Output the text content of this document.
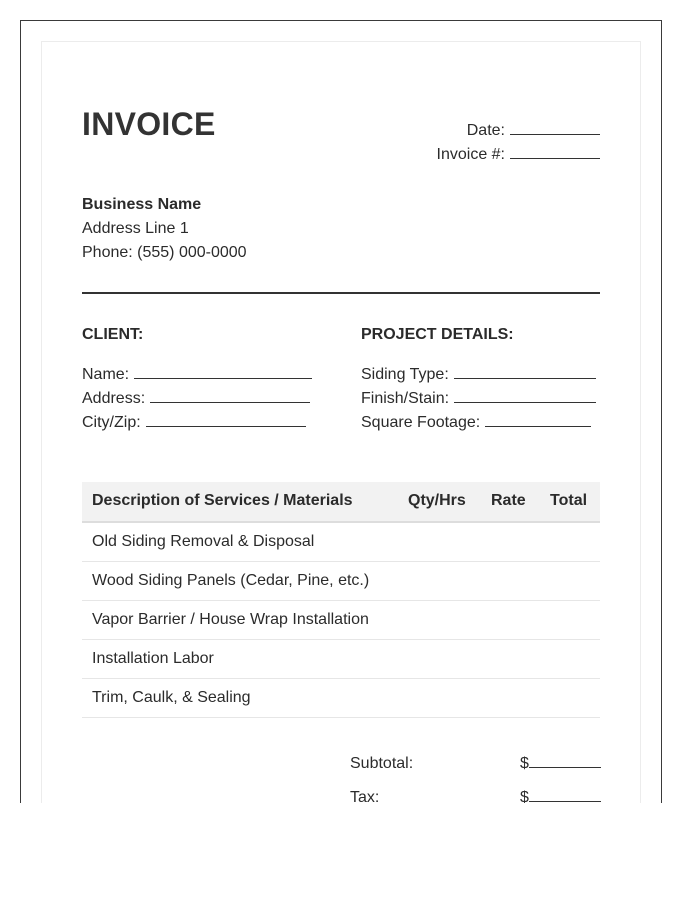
INVOICE	Date:
Invoice #:
Business Name
Address Line 1
Phone: (555) 000-0000
CLIENT:	PROJECT DETAILS:
Name:
Address:
City/Zip:
Siding Type:
Finish/Stain:
Square Footage:
Description of Services / Materials	Qty/Hrs Rate Total
Old Siding Removal & Disposal
Wood Siding Panels (Cedar, Pine, etc.)
Vapor Barrier / House Wrap Installation
Installation Labor
Trim, Caulk, & Sealing
Subtotal:	$
Tax:	$
